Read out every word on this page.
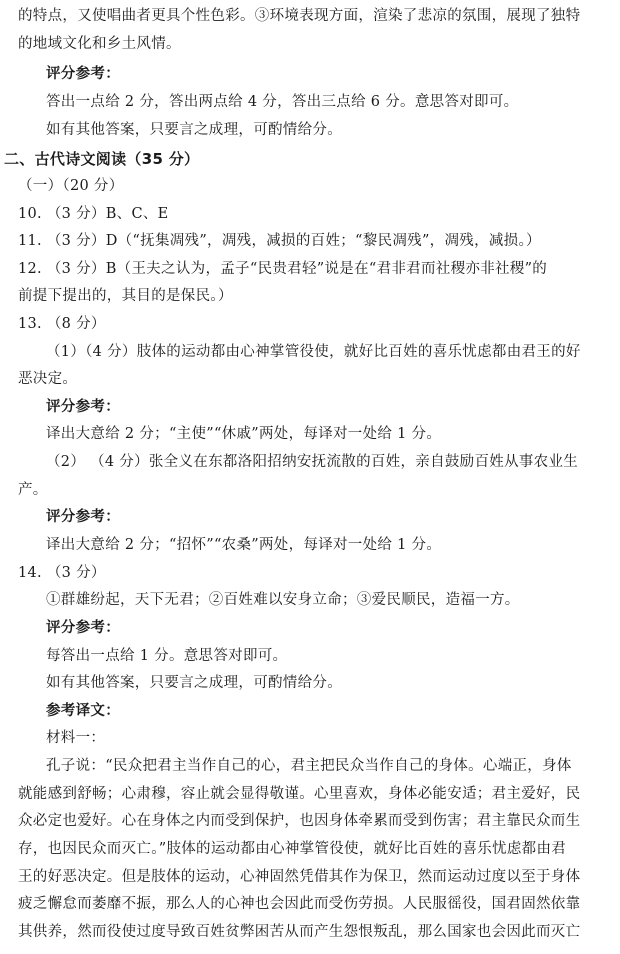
的特点，又使唱曲者更具个性色彩。③环境表现方面，渲染了悲凉的氛围，展现了独特
的地域文化和乡土风情。
评分参考：
答出一点给 2 分，答出两点给 4 分，答出三点给 6 分。意思答对即可。
如有其他答案，只要言之成理，可酌情给分。
二、古代诗文阅读（35 分）
（一）（20 分）
10. （3 分）B、C、E
11. （3 分）D（“抚集凋残”，凋残，减损的百姓；“黎民凋残”，凋残，减损。）
12. （3 分）B（王夫之认为，孟子“民贵君轻”说是在“君非君而社稷亦非社稷”的
前提下提出的，其目的是保民。）
13. （8 分）
（1）（4 分）肢体的运动都由心神掌管役使，就好比百姓的喜乐忧虑都由君王的好
恶决定。
评分参考：
译出大意给 2 分；“主使”“休戚”两处，每译对一处给 1 分。
（2） （4 分）张全义在东都洛阳招纳安抚流散的百姓，亲自鼓励百姓从事农业生
产。
评分参考：
译出大意给 2 分；“招怀”“农桑”两处，每译对一处给 1 分。
14. （3 分）
①群雄纷起，天下无君；②百姓难以安身立命；③爱民顺民，造福一方。
评分参考：
每答出一点给 1 分。意思答对即可。
如有其他答案，只要言之成理，可酌情给分。
参考译文：
材料一：
孔子说：“民众把君主当作自己的心，君主把民众当作自己的身体。心端正，身体
就能感到舒畅；心肃穆，容止就会显得敬谨。心里喜欢，身体必能安适；君主爱好，民
众必定也爱好。心在身体之内而受到保护，也因身体牵累而受到伤害；君主靠民众而生
存，也因民众而灭亡。”肢体的运动都由心神掌管役使，就好比百姓的喜乐忧虑都由君
王的好恶决定。但是肢体的运动，心神固然凭借其作为保卫，然而运动过度以至于身体
疲乏懈怠而萎靡不振，那么人的心神也会因此而受伤劳损。人民服徭役，国君固然依靠
其供养，然而役使过度导致百姓贫弊困苦从而产生怨恨叛乱，那么国家也会因此而灭亡
